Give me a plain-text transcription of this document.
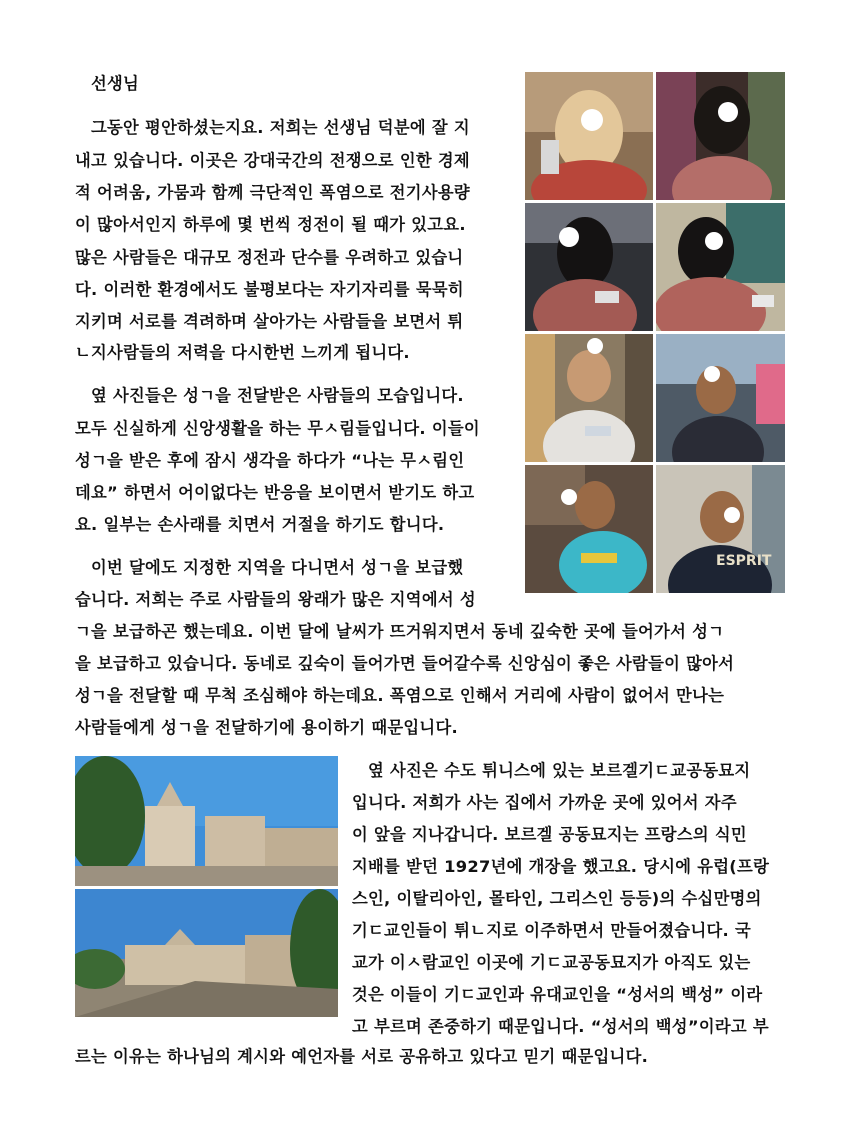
선생님
그동안 평안하셨는지요. 저희는 선생님 덕분에 잘 지
내고 있습니다. 이곳은 강대국간의 전쟁으로 인한 경제
적 어려움, 가뭄과 함께 극단적인 폭염으로 전기사용량
이 많아서인지 하루에 몇 번씩 정전이 될 때가 있고요.
많은 사람들은 대규모 정전과 단수를 우려하고 있습니
다. 이러한 환경에서도 불평보다는 자기자리를 묵묵히
지키며 서로를 격려하며 살아가는 사람들을 보면서 튀
ㄴ지사람들의 저력을 다시한번 느끼게 됩니다.
옆 사진들은 성ㄱ을 전달받은 사람들의 모습입니다.
모두 신실하게 신앙생활을 하는 무ㅅ림들입니다. 이들이
성ㄱ을 받은 후에 잠시 생각을 하다가 “나는 무ㅅ림인
데요” 하면서 어이없다는 반응을 보이면서 받기도 하고
요. 일부는 손사래를 치면서 거절을 하기도 합니다.
이번 달에도 지정한 지역을 다니면서 성ㄱ을 보급했
습니다. 저희는 주로 사람들의 왕래가 많은 지역에서 성
ㄱ을 보급하곤 했는데요. 이번 달에 날씨가 뜨거워지면서 동네 깊숙한 곳에 들어가서 성ㄱ
을 보급하고 있습니다. 동네로 깊숙이 들어가면 들어갈수록 신앙심이 좋은 사람들이 많아서
성ㄱ을 전달할 때 무척 조심해야 하는데요. 폭염으로 인해서 거리에 사람이 없어서 만나는
사람들에게 성ㄱ을 전달하기에 용이하기 때문입니다.
옆 사진은 수도 튀니스에 있는 보르겔기ㄷ교공동묘지
입니다. 저희가 사는 집에서 가까운 곳에 있어서 자주
이 앞을 지나갑니다. 보르겔 공동묘지는 프랑스의 식민
지배를 받던 1927년에 개장을 했고요. 당시에 유럽(프랑
스인, 이탈리아인, 몰타인, 그리스인 등등)의 수십만명의
기ㄷ교인들이 튀ㄴ지로 이주하면서 만들어졌습니다. 국
교가 이ㅅ람교인 이곳에 기ㄷ교공동묘지가 아직도 있는
것은 이들이 기ㄷ교인과 유대교인을 “성서의 백성” 이라
고 부르며 존중하기 때문입니다. “성서의 백성”이라고 부
르는 이유는 하나님의 계시와 예언자를 서로 공유하고 있다고 믿기 때문입니다.
ESPRIT
